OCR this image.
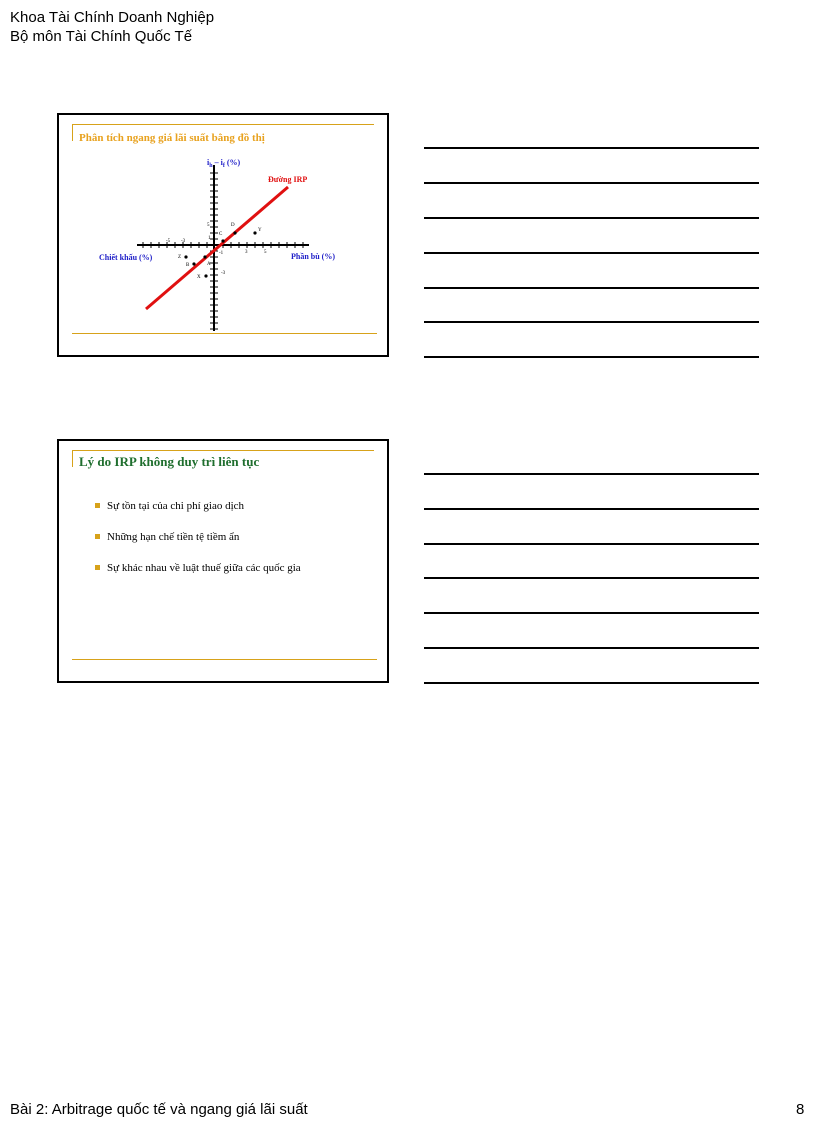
Khoa Tài Chính Doanh Nghiệp
Bộ môn Tài Chính Quốc Tế
Phân tích ngang giá lãi suất bằng đồ thị
$i_h - i_f$ (%)
Đường IRP
Chiết khấu (%)	Phần bù (%)
-5 -3
3	5
5
1
-1
-3
D
C
Y
Z
B	A
X
Lý do IRP không duy trì liên tục
Sự tồn tại của chi phí giao dịch
Những hạn chế tiền tệ tiềm ẩn
Sự khác nhau về luật thuế giữa các quốc gia
Bài 2: Arbitrage quốc tế và ngang giá lãi suất	8
